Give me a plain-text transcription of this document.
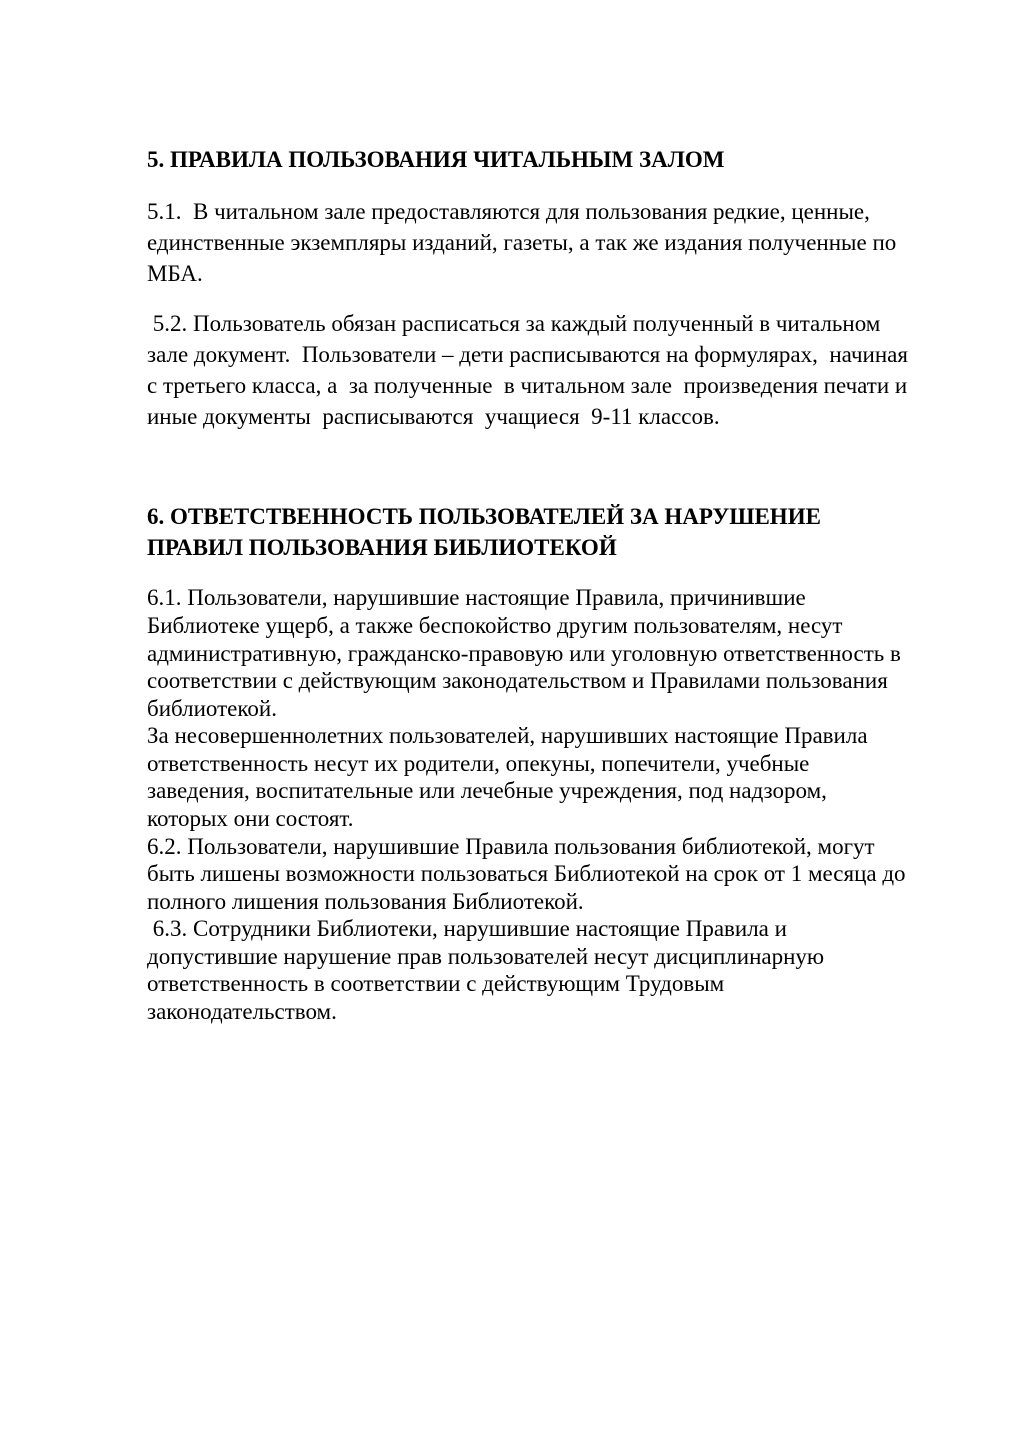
5. ПРАВИЛА ПОЛЬЗОВАНИЯ ЧИТАЛЬНЫМ ЗАЛОМ

5.1.  В читальном зале предоставляются для пользования редкие, ценные,

единственные экземпляры изданий, газеты, а так же издания полученные по

МБА.

5.2. Пользователь обязан расписаться за каждый полученный в читальном

зале документ.  Пользователи – дети расписываются на формулярах,  начиная

с третьего класса, а  за полученные  в читальном зале  произведения печати и

иные документы  расписываются  учащиеся  9-11 классов.

6. ОТВЕТСТВЕННОСТЬ ПОЛЬЗОВАТЕЛЕЙ ЗА НАРУШЕНИЕ

ПРАВИЛ ПОЛЬЗОВАНИЯ БИБЛИОТЕКОЙ

6.1. Пользователи, нарушившие настоящие Правила, причинившие

Библиотеке ущерб, а также беспокойство другим пользователям, несут

административную, гражданско-правовую или уголовную ответственность в

соответствии с действующим законодательством и Правилами пользования

библиотекой.

За несовершеннолетних пользователей, нарушивших настоящие Правила

ответственность несут их родители, опекуны, попечители, учебные

заведения, воспитательные или лечебные учреждения, под надзором,

которых они состоят.

6.2. Пользователи, нарушившие Правила пользования библиотекой, могут

быть лишены возможности пользоваться Библиотекой на срок от 1 месяца до

полного лишения пользования Библиотекой.

6.3. Сотрудники Библиотеки, нарушившие настоящие Правила и

допустившие нарушение прав пользователей несут дисциплинарную

ответственность в соответствии с действующим Трудовым

законодательством.
